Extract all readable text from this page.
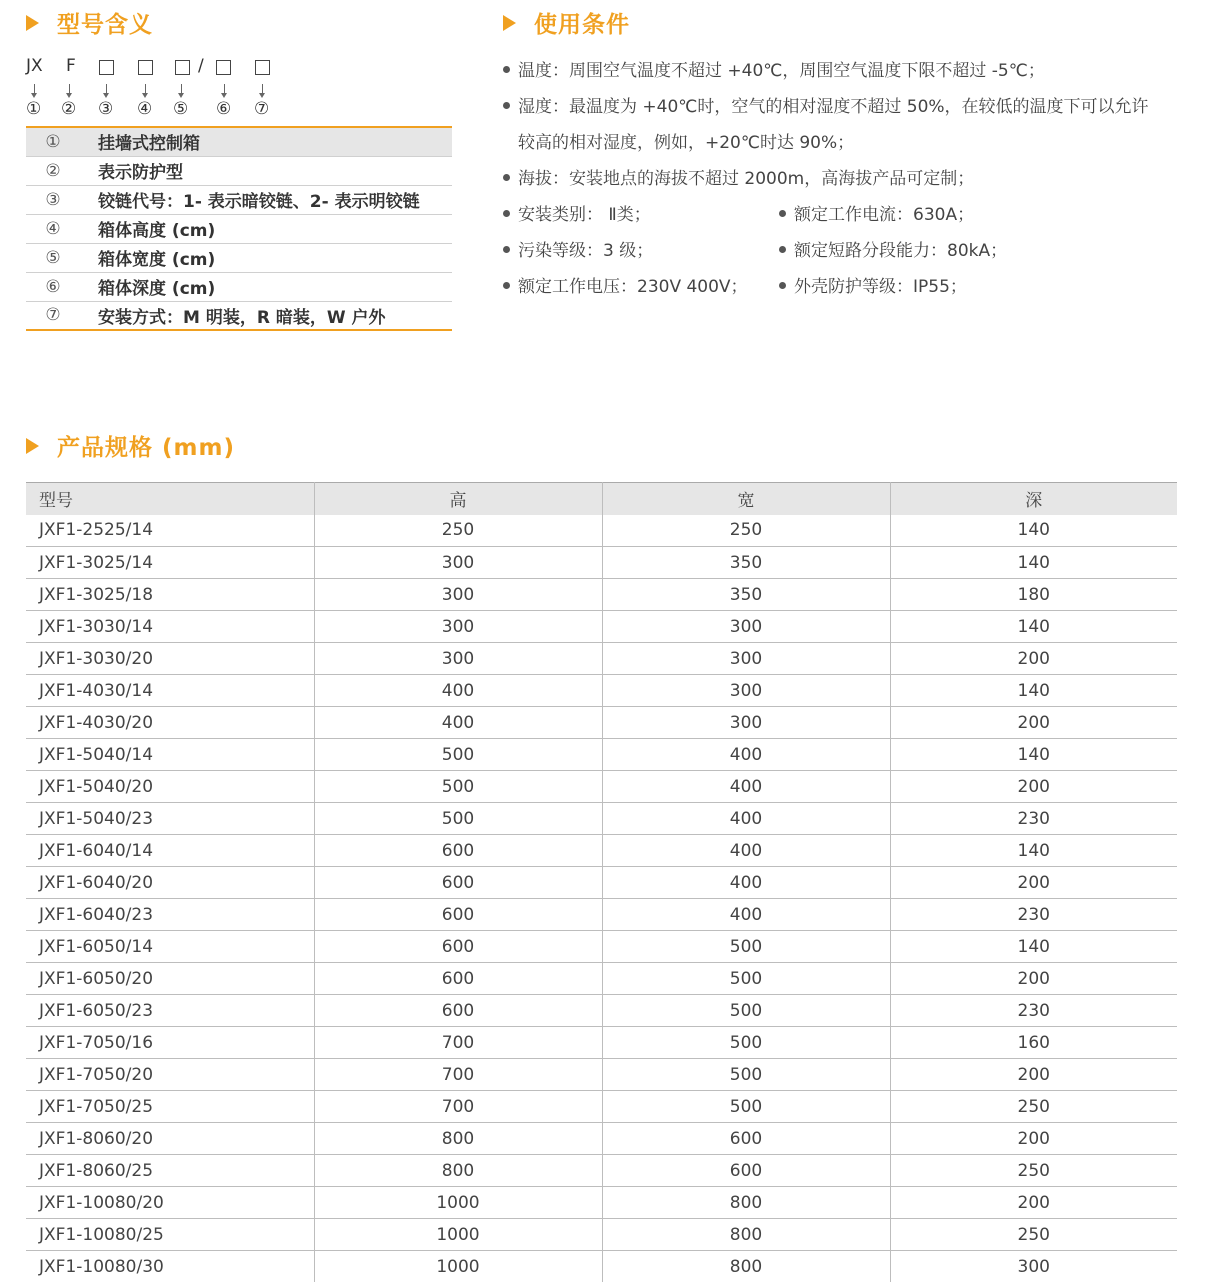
型号含义
JX F	/
① ② ③ ④ ⑤ ⑥ ⑦
①	挂墙式控制箱
②	表示防护型
③	铰链代号：1- 表示暗铰链、2- 表示明铰链
④	箱体高度 (cm)
⑤	箱体宽度 (cm)
⑥	箱体深度 (cm)
⑦	安装方式：M 明装，R 暗装，W 户外
使用条件
温度：周围空气温度不超过 +40℃，周围空气温度下限不超过 -5℃；
湿度：最温度为 +40℃时，空气的相对湿度不超过 50%，在较低的温度下可以允许
较高的相对湿度，例如，+20℃时达 90%；
海拔：安装地点的海拔不超过 2000m，高海拔产品可定制；
安装类别： Ⅱ类；
污染等级：3 级；
额定工作电压：230V 400V；
额定工作电流：630A；
额定短路分段能力：80kA；
外壳防护等级：IP55；
产品规格 (mm)
型号	高	宽	深
JXF1-2525/14	250	250	140
JXF1-3025/14	300	350	140
JXF1-3025/18	300	350	180
JXF1-3030/14	300	300	140
JXF1-3030/20	300	300	200
JXF1-4030/14	400	300	140
JXF1-4030/20	400	300	200
JXF1-5040/14	500	400	140
JXF1-5040/20	500	400	200
JXF1-5040/23	500	400	230
JXF1-6040/14	600	400	140
JXF1-6040/20	600	400	200
JXF1-6040/23	600	400	230
JXF1-6050/14	600	500	140
JXF1-6050/20	600	500	200
JXF1-6050/23	600	500	230
JXF1-7050/16	700	500	160
JXF1-7050/20	700	500	200
JXF1-7050/25	700	500	250
JXF1-8060/20	800	600	200
JXF1-8060/25	800	600	250
JXF1-10080/20	1000	800	200
JXF1-10080/25	1000	800	250
JXF1-10080/30	1000	800	300
